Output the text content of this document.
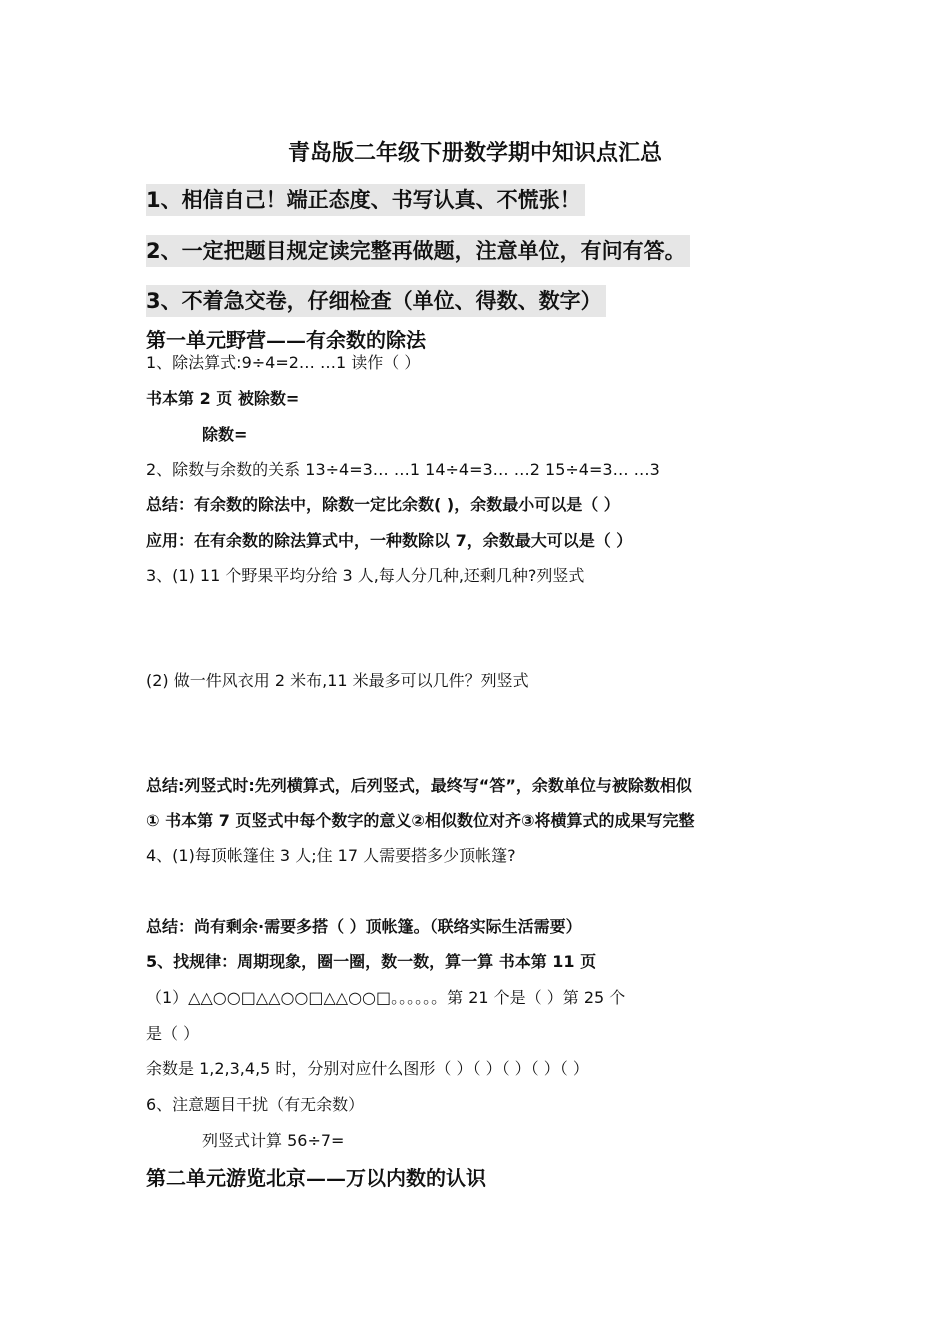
青岛版二年级下册数学期中知识点汇总
1、相信自己！端正态度、书写认真、不慌张！
2、一定把题目规定读完整再做题，注意单位，有问有答。
3、不着急交卷，仔细检查（单位、得数、数字）
第一单元野营——有余数的除法
1、除法算式:9÷4=2… …1 读作（ ）
书本第 2 页 被除数=
除数=
2、除数与余数的关系 13÷4=3… …1 14÷4=3… …2 15÷4=3… …3
总结：有余数的除法中，除数一定比余数( )，余数最小可以是（ ）
应用：在有余数的除法算式中，一种数除以 7，余数最大可以是（ ）
3、(1) 11 个野果平均分给 3 人,每人分几种,还剩几种?列竖式
(2) 做一件风衣用 2 米布,11 米最多可以几件？列竖式
总结:列竖式时:先列横算式，后列竖式，最终写“答”，余数单位与被除数相似
① 书本第 7 页竖式中每个数字的意义②相似数位对齐③将横算式的成果写完整
4、(1)每顶帐篷住 3 人;住 17 人需要搭多少顶帐篷?
总结：尚有剩余·需要多搭（ ）顶帐篷。（联络实际生活需要）
5、找规律：周期现象，圈一圈，数一数，算一算 书本第 11 页
（1）△△○○□△△○○□△△○○□。。。。。。第 21 个是（ ）第 25 个
是（ ）
余数是 1,2,3,4,5 时，分别对应什么图形（ ）（ ）（ ）（ ）（ ）
6、注意题目干扰（有无余数）
列竖式计算 56÷7=
第二单元游览北京——万以内数的认识
